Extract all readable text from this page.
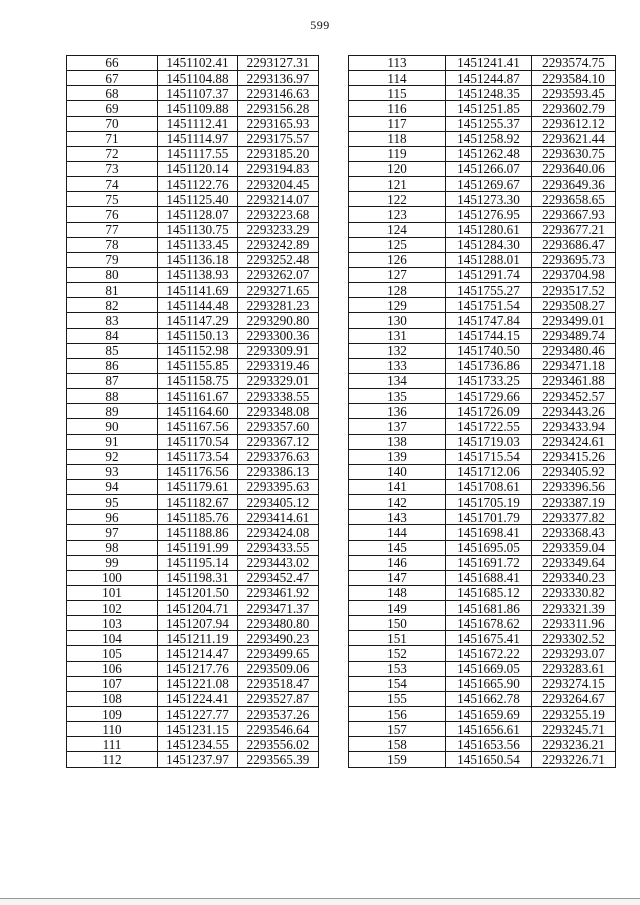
599
66	1451102.41	2293127.31
67	1451104.88	2293136.97
68	1451107.37	2293146.63
69	1451109.88	2293156.28
70	1451112.41	2293165.93
71	1451114.97	2293175.57
72	1451117.55	2293185.20
73	1451120.14	2293194.83
74	1451122.76	2293204.45
75	1451125.40	2293214.07
76	1451128.07	2293223.68
77	1451130.75	2293233.29
78	1451133.45	2293242.89
79	1451136.18	2293252.48
80	1451138.93	2293262.07
81	1451141.69	2293271.65
82	1451144.48	2293281.23
83	1451147.29	2293290.80
84	1451150.13	2293300.36
85	1451152.98	2293309.91
86	1451155.85	2293319.46
87	1451158.75	2293329.01
88	1451161.67	2293338.55
89	1451164.60	2293348.08
90	1451167.56	2293357.60
91	1451170.54	2293367.12
92	1451173.54	2293376.63
93	1451176.56	2293386.13
94	1451179.61	2293395.63
95	1451182.67	2293405.12
96	1451185.76	2293414.61
97	1451188.86	2293424.08
98	1451191.99	2293433.55
99	1451195.14	2293443.02
100	1451198.31	2293452.47
101	1451201.50	2293461.92
102	1451204.71	2293471.37
103	1451207.94	2293480.80
104	1451211.19	2293490.23
105	1451214.47	2293499.65
106	1451217.76	2293509.06
107	1451221.08	2293518.47
108	1451224.41	2293527.87
109	1451227.77	2293537.26
110	1451231.15	2293546.64
111	1451234.55	2293556.02
112	1451237.97	2293565.39
113	1451241.41	2293574.75
114	1451244.87	2293584.10
115	1451248.35	2293593.45
116	1451251.85	2293602.79
117	1451255.37	2293612.12
118	1451258.92	2293621.44
119	1451262.48	2293630.75
120	1451266.07	2293640.06
121	1451269.67	2293649.36
122	1451273.30	2293658.65
123	1451276.95	2293667.93
124	1451280.61	2293677.21
125	1451284.30	2293686.47
126	1451288.01	2293695.73
127	1451291.74	2293704.98
128	1451755.27	2293517.52
129	1451751.54	2293508.27
130	1451747.84	2293499.01
131	1451744.15	2293489.74
132	1451740.50	2293480.46
133	1451736.86	2293471.18
134	1451733.25	2293461.88
135	1451729.66	2293452.57
136	1451726.09	2293443.26
137	1451722.55	2293433.94
138	1451719.03	2293424.61
139	1451715.54	2293415.26
140	1451712.06	2293405.92
141	1451708.61	2293396.56
142	1451705.19	2293387.19
143	1451701.79	2293377.82
144	1451698.41	2293368.43
145	1451695.05	2293359.04
146	1451691.72	2293349.64
147	1451688.41	2293340.23
148	1451685.12	2293330.82
149	1451681.86	2293321.39
150	1451678.62	2293311.96
151	1451675.41	2293302.52
152	1451672.22	2293293.07
153	1451669.05	2293283.61
154	1451665.90	2293274.15
155	1451662.78	2293264.67
156	1451659.69	2293255.19
157	1451656.61	2293245.71
158	1451653.56	2293236.21
159	1451650.54	2293226.71
